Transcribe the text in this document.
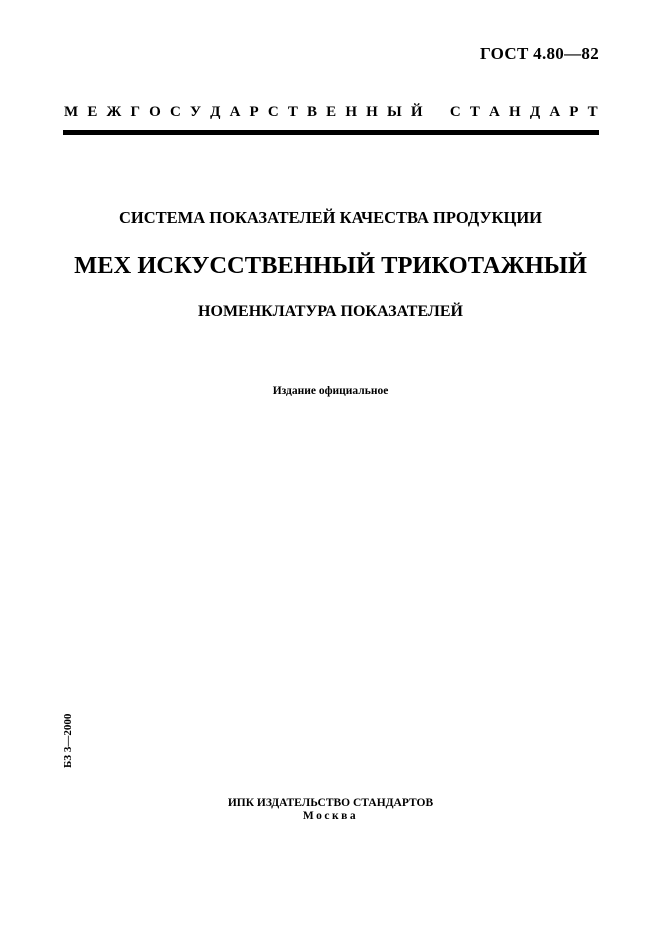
ГОСТ 4.80—82
М Е Ж Г О С У Д А Р С Т В Е Н Н Ы Й С Т А Н Д А Р Т
СИСТЕМА ПОКАЗАТЕЛЕЙ КАЧЕСТВА ПРОДУКЦИИ
МЕХ ИСКУССТВЕННЫЙ ТРИКОТАЖНЫЙ
НОМЕНКЛАТУРА ПОКАЗАТЕЛЕЙ
Издание официальное
БЗ 3—2000
ИПК ИЗДАТЕЛЬСТВО СТАНДАРТОВ
Москва
